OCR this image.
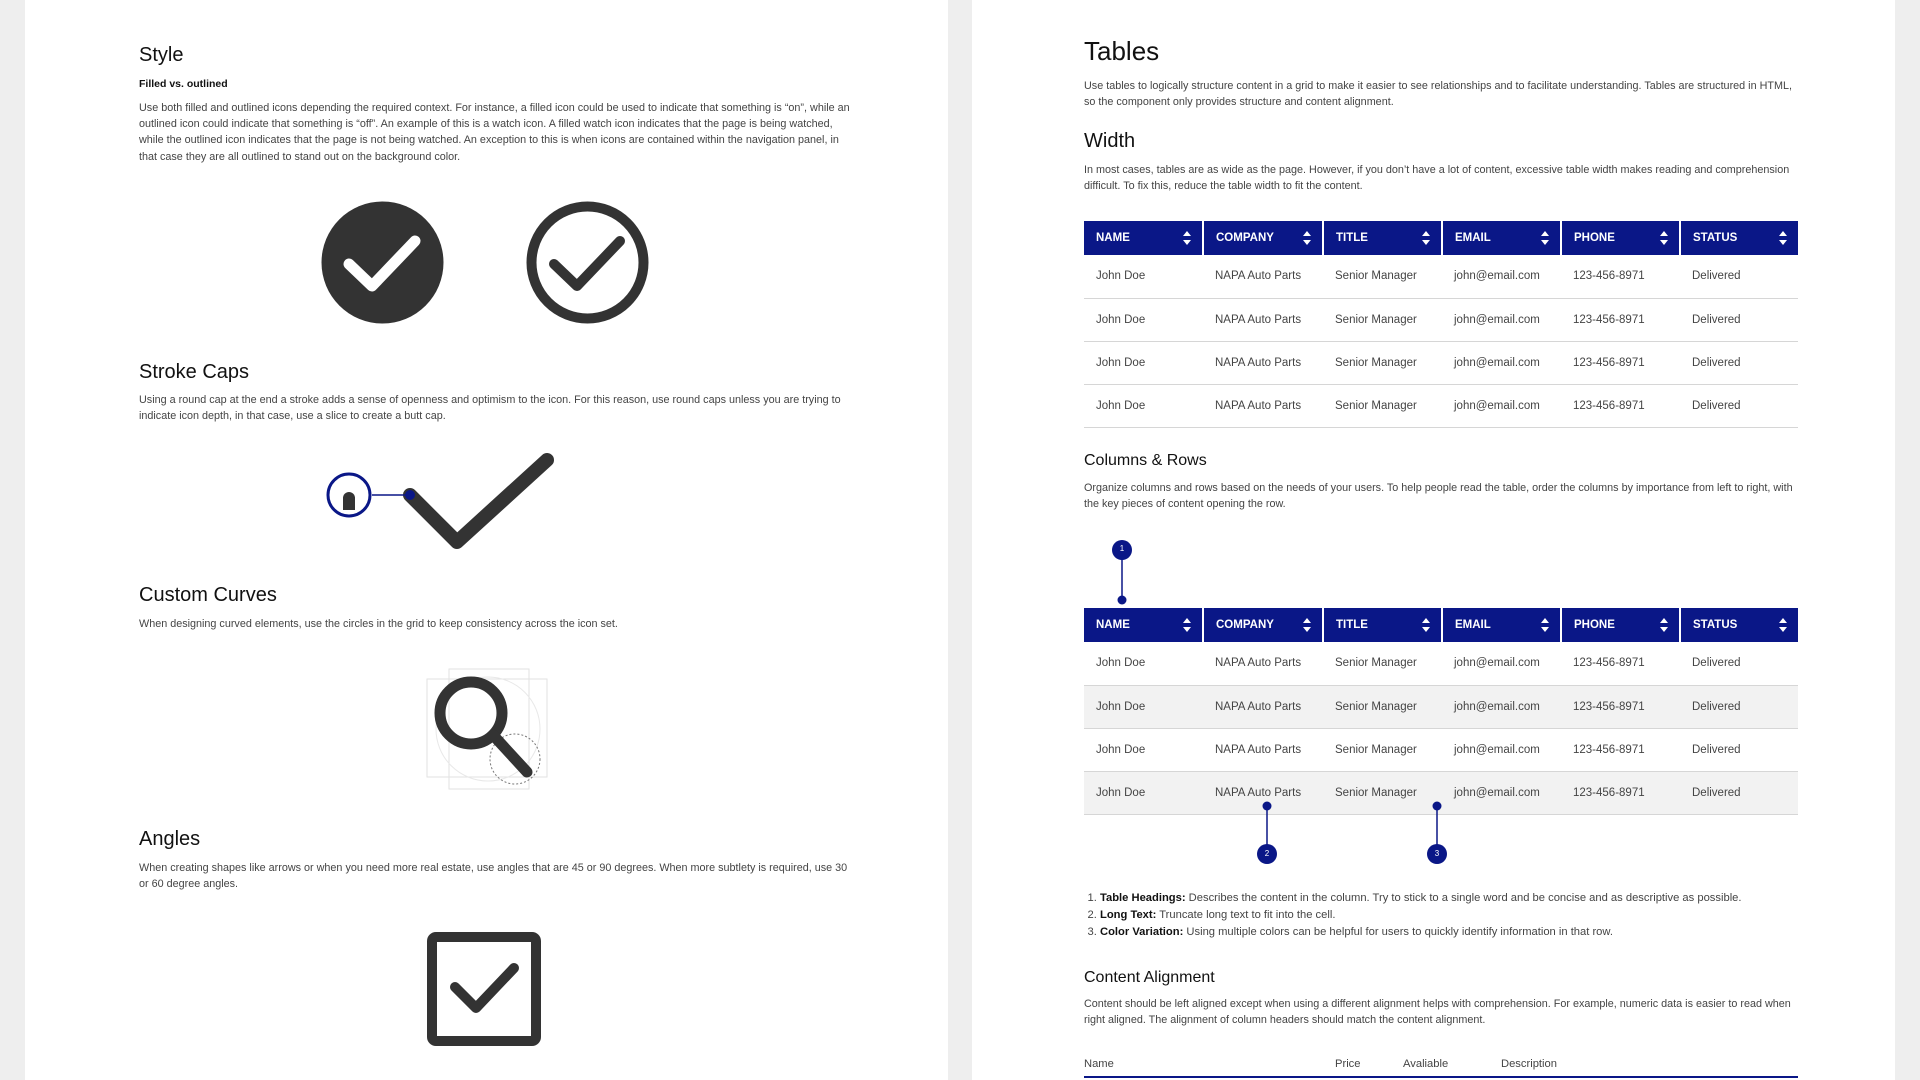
Style
Filled vs. outlined

Use both filled and outlined icons depending the required context. For instance, a filled icon could be used to indicate that something is “on”, while an outlined icon could indicate that something is “off”. An example of this is a watch icon. A filled watch icon indicates that the page is being watched, while the outlined icon indicates that the page is not being watched. An exception to this is when icons are contained within the navigation panel, in that case they are all outlined to stand out on the background color.

Stroke Caps

Using a round cap at the end a stroke adds a sense of openness and optimism to the icon. For this reason, use round caps unless you are trying to indicate icon depth, in that case, use a slice to create a butt cap.

Custom Curves

When designing curved elements, use the circles in the grid to keep consistency across the icon set.

Angles

When creating shapes like arrows or when you need more real estate, use angles that are 45 or 90 degrees. When more subtlety is required, use 30 or 60 degree angles.

Tables

Use tables to logically structure content in a grid to make it easier to see relationships and to facilitate understanding. Tables are structured in HTML, so the component only provides structure and content alignment.

Width

In most cases, tables are as wide as the page. However, if you don’t have a lot of content, excessive table width makes reading and comprehension difficult. To fix this, reduce the table width to fit the content.

NAME	COMPANY	TITLE	EMAIL	PHONE	STATUS

John Doe	NAPA Auto Parts	Senior Manager	john@email.com	123-456-8971	Delivered
John Doe	NAPA Auto Parts	Senior Manager	john@email.com	123-456-8971	Delivered
John Doe	NAPA Auto Parts	Senior Manager	john@email.com	123-456-8971	Delivered
John Doe	NAPA Auto Parts	Senior Manager	john@email.com	123-456-8971	Delivered
Columns & Rows

Organize columns and rows based on the needs of your users. To help people read the table, order the columns by importance from left to right, with the key pieces of content opening the row.

1
NAME	COMPANY	TITLE	EMAIL	PHONE	STATUS

John Doe	NAPA Auto Parts	Senior Manager	john@email.com	123-456-8971	Delivered
John Doe	NAPA Auto Parts	Senior Manager	john@email.com	123-456-8971	Delivered
John Doe	NAPA Auto Parts	Senior Manager	john@email.com	123-456-8971	Delivered
John Doe	NAPA Auto Parts	Senior Manager	john@email.com	123-456-8971	Delivered
2	3
1. Table Headings: Describes the content in the column. Try to stick to a single word and be concise and as descriptive as possible.
2. Long Text: Truncate long text to fit into the cell.
3. Color Variation: Using multiple colors can be helpful for users to quickly identify information in that row.
Content Alignment

Content should be left aligned except when using a different alignment helps with comprehension. For example, numeric data is easier to read when right aligned. The alignment of column headers should match the content alignment.

Name	Price	Avaliable	Description
